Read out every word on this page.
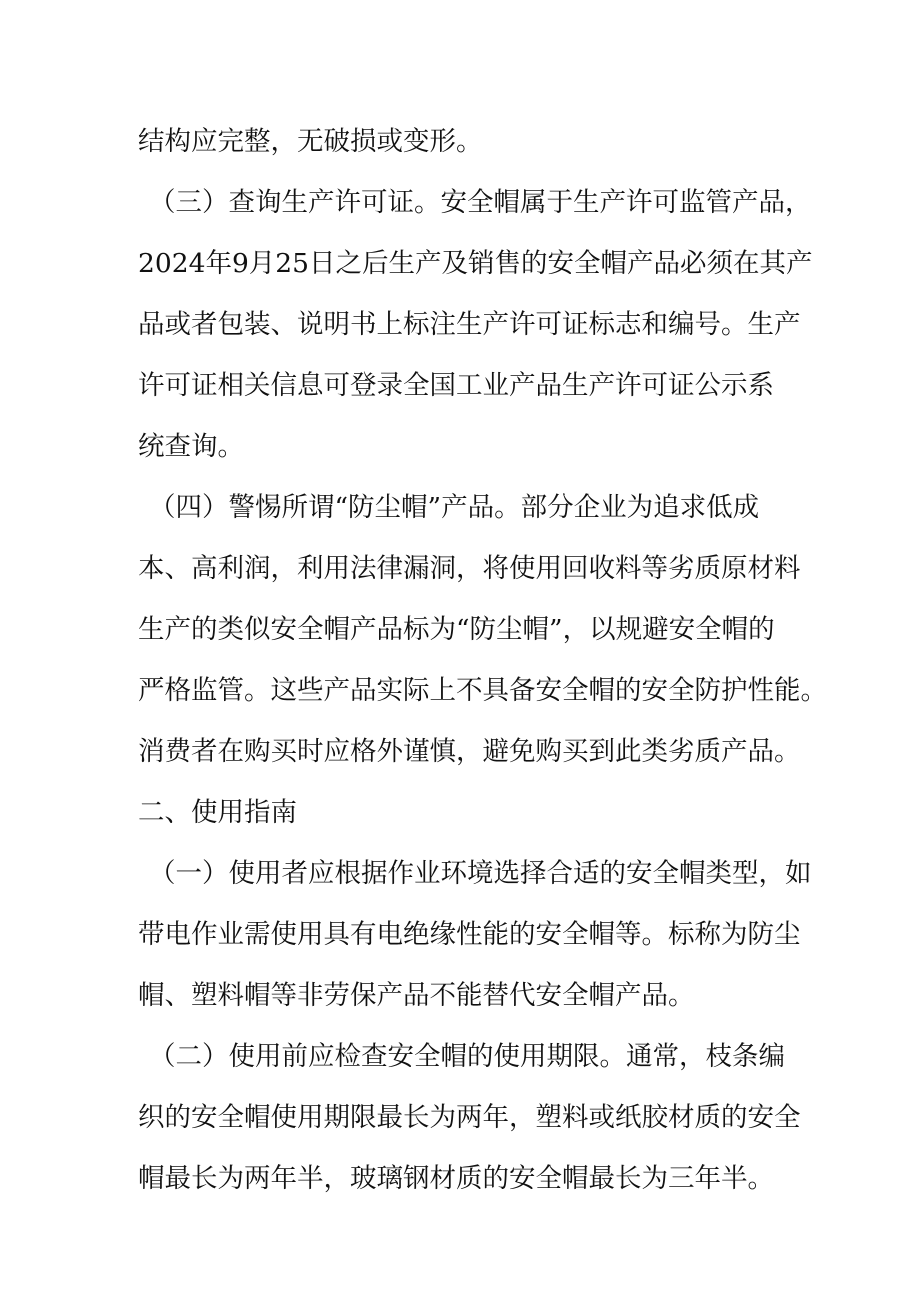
结构应完整，无破损或变形。
（三）查询生产许可证。安全帽属于生产许可监管产品，
2024年9月25日之后生产及销售的安全帽产品必须在其产
品或者包装、说明书上标注生产许可证标志和编号。生产
许可证相关信息可登录全国工业产品生产许可证公示系
统查询。
（四）警惕所谓“防尘帽”产品。部分企业为追求低成
本、高利润，利用法律漏洞，将使用回收料等劣质原材料
生产的类似安全帽产品标为“防尘帽”，以规避安全帽的
严格监管。这些产品实际上不具备安全帽的安全防护性能。
消费者在购买时应格外谨慎，避免购买到此类劣质产品。
二、使用指南
（一）使用者应根据作业环境选择合适的安全帽类型，如
带电作业需使用具有电绝缘性能的安全帽等。标称为防尘
帽、塑料帽等非劳保产品不能替代安全帽产品。
（二）使用前应检查安全帽的使用期限。通常，枝条编
织的安全帽使用期限最长为两年，塑料或纸胶材质的安全
帽最长为两年半，玻璃钢材质的安全帽最长为三年半。
